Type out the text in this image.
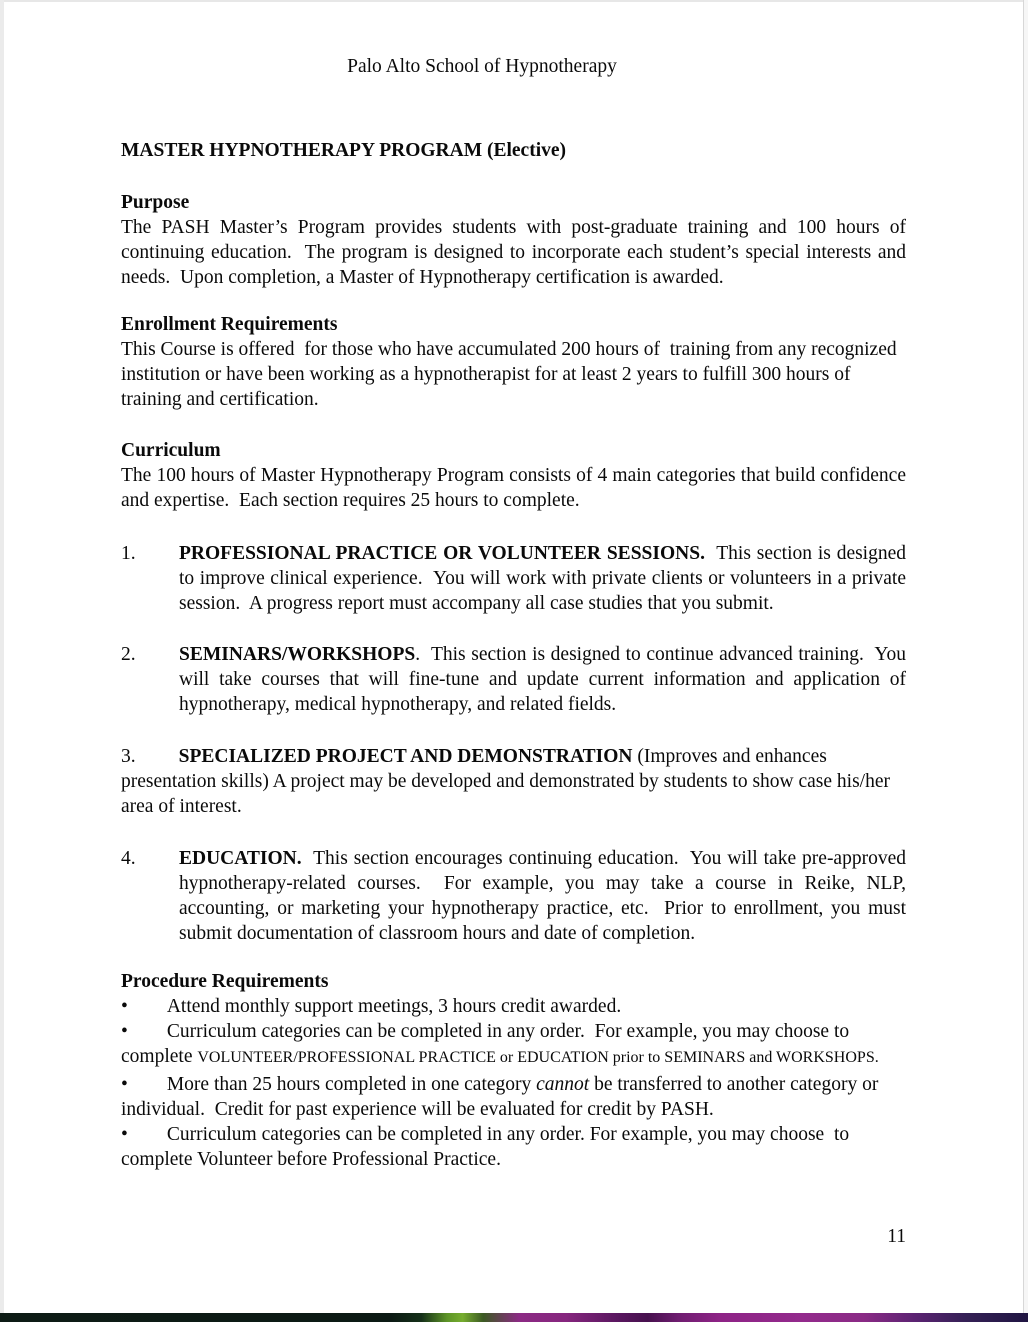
Palo Alto School of Hypnotherapy
MASTER HYPNOTHERAPY PROGRAM (Elective)
Purpose

The PASH Master’s Program provides students with post-graduate training and 100 hours of continuing education.  The program is designed to incorporate each student’s special interests and needs.  Upon completion, a Master of Hypnotherapy certification is awarded.

Enrollment Requirements

This Course is offered  for those who have accumulated 200 hours of  training from any recognized institution or have been working as a hypnotherapist for at least 2 years to fulfill 300 hours of training and certification.

Curriculum

The 100 hours of Master Hypnotherapy Program consists of 4 main categories that build confidence and expertise.  Each section requires 25 hours to complete.

1.	PROFESSIONAL PRACTICE OR VOLUNTEER SESSIONS.  This section is designed to improve clinical experience.  You will work with private clients or volunteers in a private session.  A progress report must accompany all case studies that you submit.
2.	SEMINARS/WORKSHOPS.  This section is designed to continue advanced training.  You will take courses that will fine-tune and update current information and application of hypnotherapy, medical hypnotherapy, and related fields.

3. SPECIALIZED PROJECT AND DEMONSTRATION (Improves and enhances presentation skills) A project may be developed and demonstrated by students to show case his/her area of interest.

4.	EDUCATION.  This section encourages continuing education.  You will take pre-approved hypnotherapy-related courses.  For example, you may take a course in Reike, NLP, accounting, or marketing your hypnotherapy practice, etc.  Prior to enrollment, you must submit documentation of classroom hours and date of completion.
Procedure Requirements

• Attend monthly support meetings, 3 hours credit awarded.

• Curriculum categories can be completed in any order.  For example, you may choose to complete VOLUNTEER/PROFESSIONAL PRACTICE or EDUCATION prior to SEMINARS and WORKSHOPS.

• More than 25 hours completed in one category cannot be transferred to another category or individual.  Credit for past experience will be evaluated for credit by PASH.

• Curriculum categories can be completed in any order. For example, you may choose  to complete Volunteer before Professional Practice.

11
